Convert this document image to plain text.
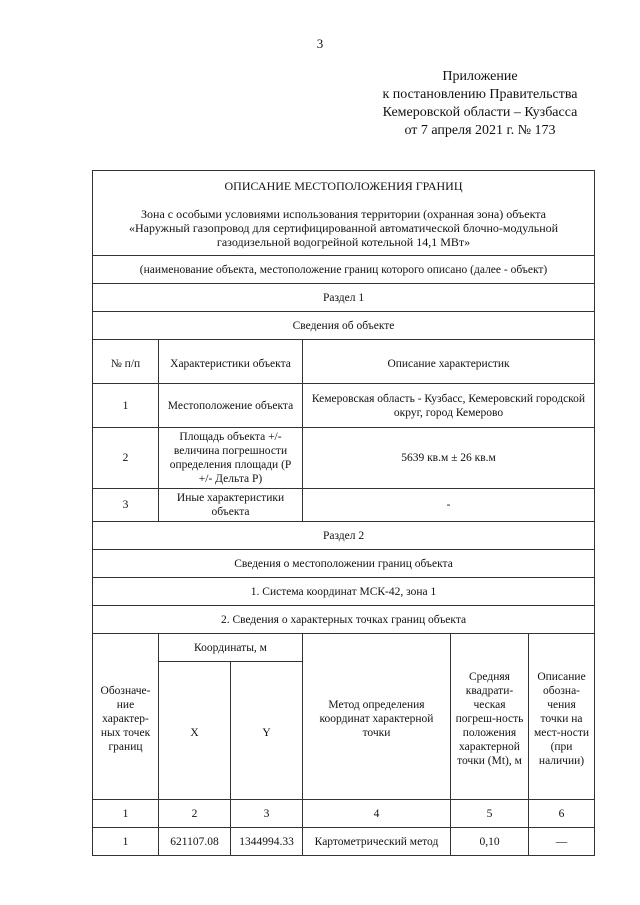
3
Приложение
к постановлению Правительства
Кемеровской области – Кузбасса
от 7 апреля 2021 г. № 173
ОПИСАНИЕ МЕСТОПОЛОЖЕНИЯ ГРАНИЦ
Зона с особыми условиями использования территории (охранная зона) объекта
«Наружный газопровод для сертифицированной автоматической блочно-модульной
газодизельной водогрейной котельной 14,1 МВт»					

(наименование объекта, местоположение границ которого описано (далее - объект)					
Раздел 1					
Сведения об объекте					
№ п/п	Характеристики объекта		Описание характеристик		
1	Местоположение объекта		Кемеровская область - Кузбасс, Кемеровский городской округ, город Кемерово		
2	Площадь объекта +/- величина погрешности определения площади (Р +/- Дельта Р)		5639 кв.м ± 26 кв.м		
3	Иные характеристики объекта		-		
Раздел 2					
Сведения о местоположении границ объекта					
1. Система координат МСК-42, зона 1					
2. Сведения о характерных точках границ объекта					
Обозначе-ние характер-ных точек границ	Координаты, м		Метод определения координат характерной точки	Средняя квадрати-ческая погреш-ность положения характерной точки (Mt), м	Описание обозна-чения точки на мест-ности (при наличии)
	X	Y			
1	2	3	4	5	6
1	621107.08	1344994.33	Картометрический метод	0,10	—
